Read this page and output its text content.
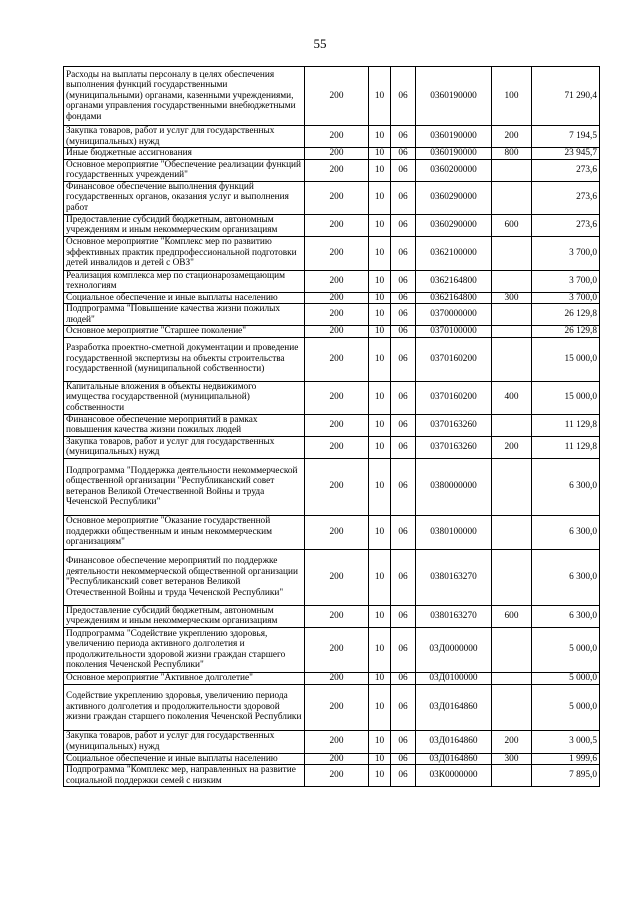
55
Расходы на выплаты персоналу в целях обеспечения выполнения функций государственными (муниципальными) органами, казенными учреждениями, органами управления государственными внебюджетными фондами	200	10	06	0360190000	100	71 290,4
Закупка товаров, работ и услуг для государственных (муниципальных) нужд	200	10	06	0360190000	200	7 194,5
Иные бюджетные ассигнования	200	10	06	0360190000	800	23 945,7
Основное мероприятие "Обеспечение реализации функций государственных учреждений"	200	10	06	0360200000		273,6
Финансовое обеспечение выполнения функций государственных органов, оказания услуг и выполнения работ	200	10	06	0360290000		273,6
Предоставление субсидий бюджетным, автономным учреждениям и иным некоммерческим организациям	200	10	06	0360290000	600	273,6
Основное мероприятие "Комплекс мер по развитию эффективных практик предпрофессиональной подготовки детей инвалидов и детей с ОВЗ"	200	10	06	0362100000		3 700,0
Реализация комплекса мер по стационарозамещающим технологиям	200	10	06	0362164800		3 700,0
Социальное обеспечение и иные выплаты населению	200	10	06	0362164800	300	3 700,0
Подпрограмма "Повышение качества жизни пожилых людей"	200	10	06	0370000000		26 129,8
Основное мероприятие "Старшее поколение"	200	10	06	0370100000		26 129,8
Разработка проектно-сметной документации и проведение государственной экспертизы на объекты строительства государственной (муниципальной собственности)	200	10	06	0370160200		15 000,0
Капитальные вложения в объекты недвижимого имущества государственной (муниципальной) собственности	200	10	06	0370160200	400	15 000,0
Финансовое обеспечение мероприятий в рамках повышения качества жизни пожилых людей	200	10	06	0370163260		11 129,8
Закупка товаров, работ и услуг для государственных (муниципальных) нужд	200	10	06	0370163260	200	11 129,8
Подпрограмма "Поддержка деятельности некоммерческой общественной организации "Республиканский совет ветеранов Великой Отечественной Войны и труда Чеченской Республики"	200	10	06	0380000000		6 300,0
Основное мероприятие "Оказание государственной поддержки общественным и иным некоммерческим организациям"	200	10	06	0380100000		6 300,0
Финансовое обеспечение мероприятий по поддержке деятельности некоммерческой общественной организации "Республиканский совет ветеранов Великой Отечественной Войны и труда Чеченской Республики"	200	10	06	0380163270		6 300,0
Предоставление субсидий бюджетным, автономным учреждениям и иным некоммерческим организациям	200	10	06	0380163270	600	6 300,0
Подпрограмма "Содействие укреплению здоровья, увеличению периода активного долголетия и продолжительности здоровой жизни граждан старшего поколения Чеченской Республики"	200	10	06	03Д0000000		5 000,0
Основное мероприятие "Активное долголетие"	200	10	06	03Д0100000		5 000,0
Содействие укреплению здоровья, увеличению периода активного долголетия и продолжительности здоровой жизни граждан старшего поколения Чеченской Республики	200	10	06	03Д0164860		5 000,0
Закупка товаров, работ и услуг для государственных (муниципальных) нужд	200	10	06	03Д0164860	200	3 000,5
Социальное обеспечение и иные выплаты населению	200	10	06	03Д0164860	300	1 999,6
Подпрограмма "Комплекс мер, направленных на развитие социальной поддержки семей с низким	200	10	06	03К0000000		7 895,0
